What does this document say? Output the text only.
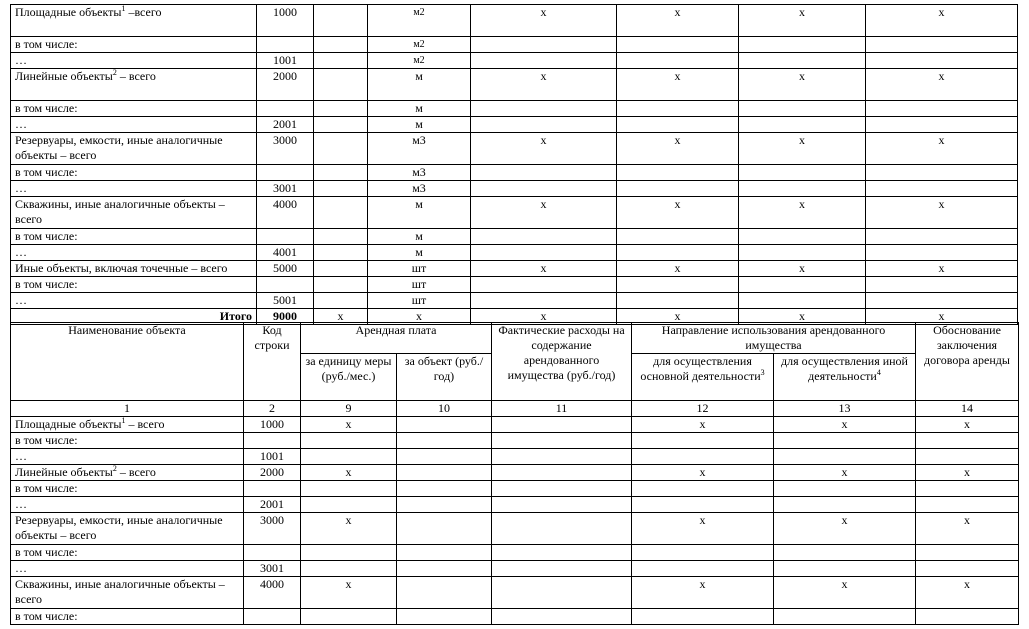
Площадные объекты$^1$ –всего	1000		м2	x	x	x	x
в том числе:			м2				
…	1001		м2				
Линейные объекты$^2$ – всего	2000		м	x	x	x	x
в том числе:			м				
…	2001		м				
Резервуары, емкости, иные аналогичные объекты – всего	3000		м3	x	x	x	x
в том числе:			м3				
…	3001		м3				
Скважины, иные аналогичные объекты – всего	4000		м	x	x	x	x
в том числе:			м				
…	4001		м				
Иные объекты, включая точечные – всего	5000		шт	x	x	x	x
в том числе:			шт				
…	5001		шт				
Итого	9000	x	x	x	x	x	x
Наименование объекта	Код строки	Арендная плата		Фактические расходы на содержание арендованного имущества (руб./год)	Направление использования арендованного имущества		Обоснование заключения договора аренды
		за единицу меры (руб./мес.)	за объект (руб./год)		для осуществления основной деятельности$^3$	для осуществления иной деятельности$^4$
1	2	9	10	11	12	13	14
Площадные объекты$^1$ – всего	1000	x			x	x	x
в том числе:							
…	1001						
Линейные объекты$^2$ – всего	2000	x			x	x	x
в том числе:							
…	2001						
Резервуары, емкости, иные аналогичные объекты – всего	3000	x			x	x	x
в том числе:							
…	3001						
Скважины, иные аналогичные объекты – всего	4000	x			x	x	x
в том числе:							
